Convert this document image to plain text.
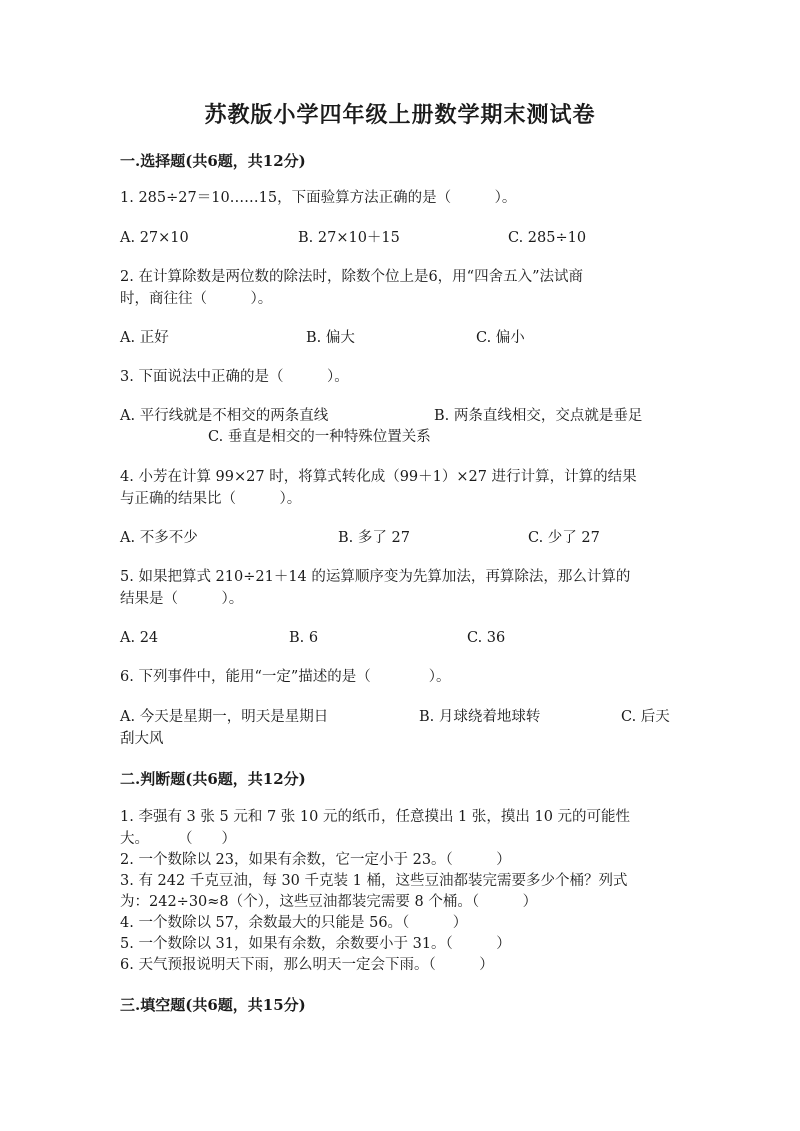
苏教版小学四年级上册数学期末测试卷
一.选择题(共6题，共12分)
1. 285÷27＝10……15，下面验算方法正确的是（　　　）。
A. 27×10	B. 27×10＋15	C. 285÷10
2. 在计算除数是两位数的除法时，除数个位上是6，用“四舍五入”法试商
时，商往往（　　　）。
A. 正好	B. 偏大	C. 偏小
3. 下面说法中正确的是（　　　）。
A. 平行线就是不相交的两条直线	B. 两条直线相交，交点就是垂足
C. 垂直是相交的一种特殊位置关系
4. 小芳在计算 99×27 时，将算式转化成（99＋1）×27 进行计算，计算的结果
与正确的结果比（　　　）。
A. 不多不少	B. 多了 27	C. 少了 27
5. 如果把算式 210÷21＋14 的运算顺序变为先算加法，再算除法，那么计算的
结果是（　　　）。
A. 24	B. 6	C. 36
6. 下列事件中，能用“一定”描述的是（　　　　）。
A. 今天是星期一，明天是星期日	B. 月球绕着地球转	C. 后天
刮大风
二.判断题(共6题，共12分)
1. 李强有 3 张 5 元和 7 张 10 元的纸币，任意摸出 1 张，摸出 10 元的可能性
大。　　　（　　）
2. 一个数除以 23，如果有余数，它一定小于 23。（　　　）
3. 有 242 千克豆油，每 30 千克装 1 桶，这些豆油都装完需要多少个桶？列式
为：242÷30≈8（个），这些豆油都装完需要 8 个桶。（　　　）
4. 一个数除以 57，余数最大的只能是 56。（　　　）
5. 一个数除以 31，如果有余数，余数要小于 31。（　　　）
6. 天气预报说明天下雨，那么明天一定会下雨。（　　　）
三.填空题(共6题，共15分)
